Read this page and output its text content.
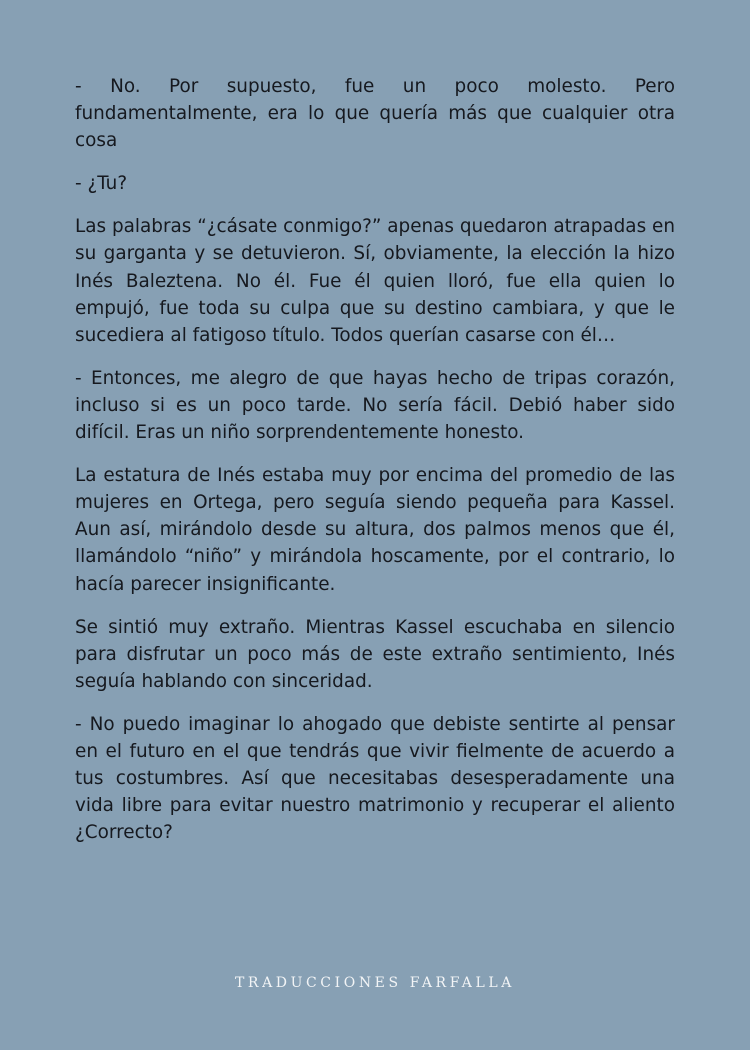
- No. Por supuesto, fue un poco molesto. Pero fundamentalmente, era lo que quería más que cualquier otra cosa

- ¿Tu?

Las palabras “¿cásate conmigo?” apenas quedaron atrapadas en su garganta y se detuvieron. Sí, obviamente, la elección la hizo Inés Baleztena. No él. Fue él quien lloró, fue ella quien lo empujó, fue toda su culpa que su destino cambiara, y que le sucediera al fatigoso título. Todos querían casarse con él…

- Entonces, me alegro de que hayas hecho de tripas corazón, incluso si es un poco tarde. No sería fácil. Debió haber sido difícil. Eras un niño sorprendentemente honesto.

La estatura de Inés estaba muy por encima del promedio de las mujeres en Ortega, pero seguía siendo pequeña para Kassel. Aun así, mirándolo desde su altura, dos palmos menos que él, llamándolo “niño” y mirándola hoscamente, por el contrario, lo hacía parecer insignificante.

Se sintió muy extraño. Mientras Kassel escuchaba en silencio para disfrutar un poco más de este extraño sentimiento, Inés seguía hablando con sinceridad.

- No puedo imaginar lo ahogado que debiste sentirte al pensar en el futuro en el que tendrás que vivir fielmente de acuerdo a tus costumbres. Así que necesitabas desesperadamente una vida libre para evitar nuestro matrimonio y recuperar el aliento ¿Correcto?

TRADUCCIONES FARFALLA
